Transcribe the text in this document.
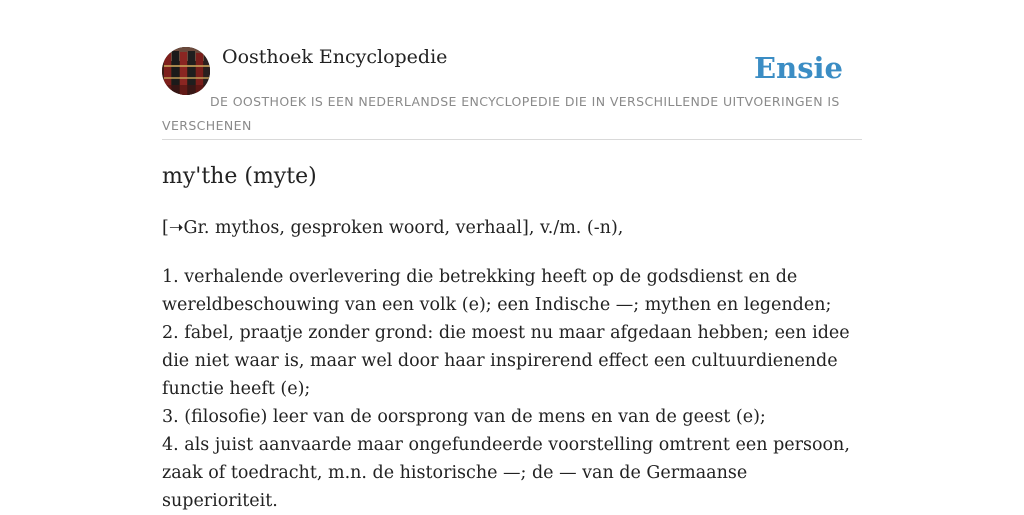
Oosthoek Encyclopedie	Ensie
DE OOSTHOEK IS EEN NEDERLANDSE ENCYCLOPEDIE DIE IN VERSCHILLENDE UITVOERINGEN IS VERSCHENEN
my'the (myte)

[➝Gr. mythos, gesproken woord, verhaal], v./m. (-n),

1. verhalende overlevering die betrekking heeft op de godsdienst en de wereldbeschouwing van een volk (e); een Indische —; mythen en legenden;
2. fabel, praatje zonder grond: die moest nu maar afgedaan hebben; een idee die niet waar is, maar wel door haar inspirerend effect een cultuurdienende functie heeft (e);
3. (filosofie) leer van de oorsprong van de mens en van de geest (e);
4. als juist aanvaarde maar ongefundeerde voorstelling omtrent een persoon, zaak of toedracht, m.n. de historische —; de — van de Germaanse superioriteit.
